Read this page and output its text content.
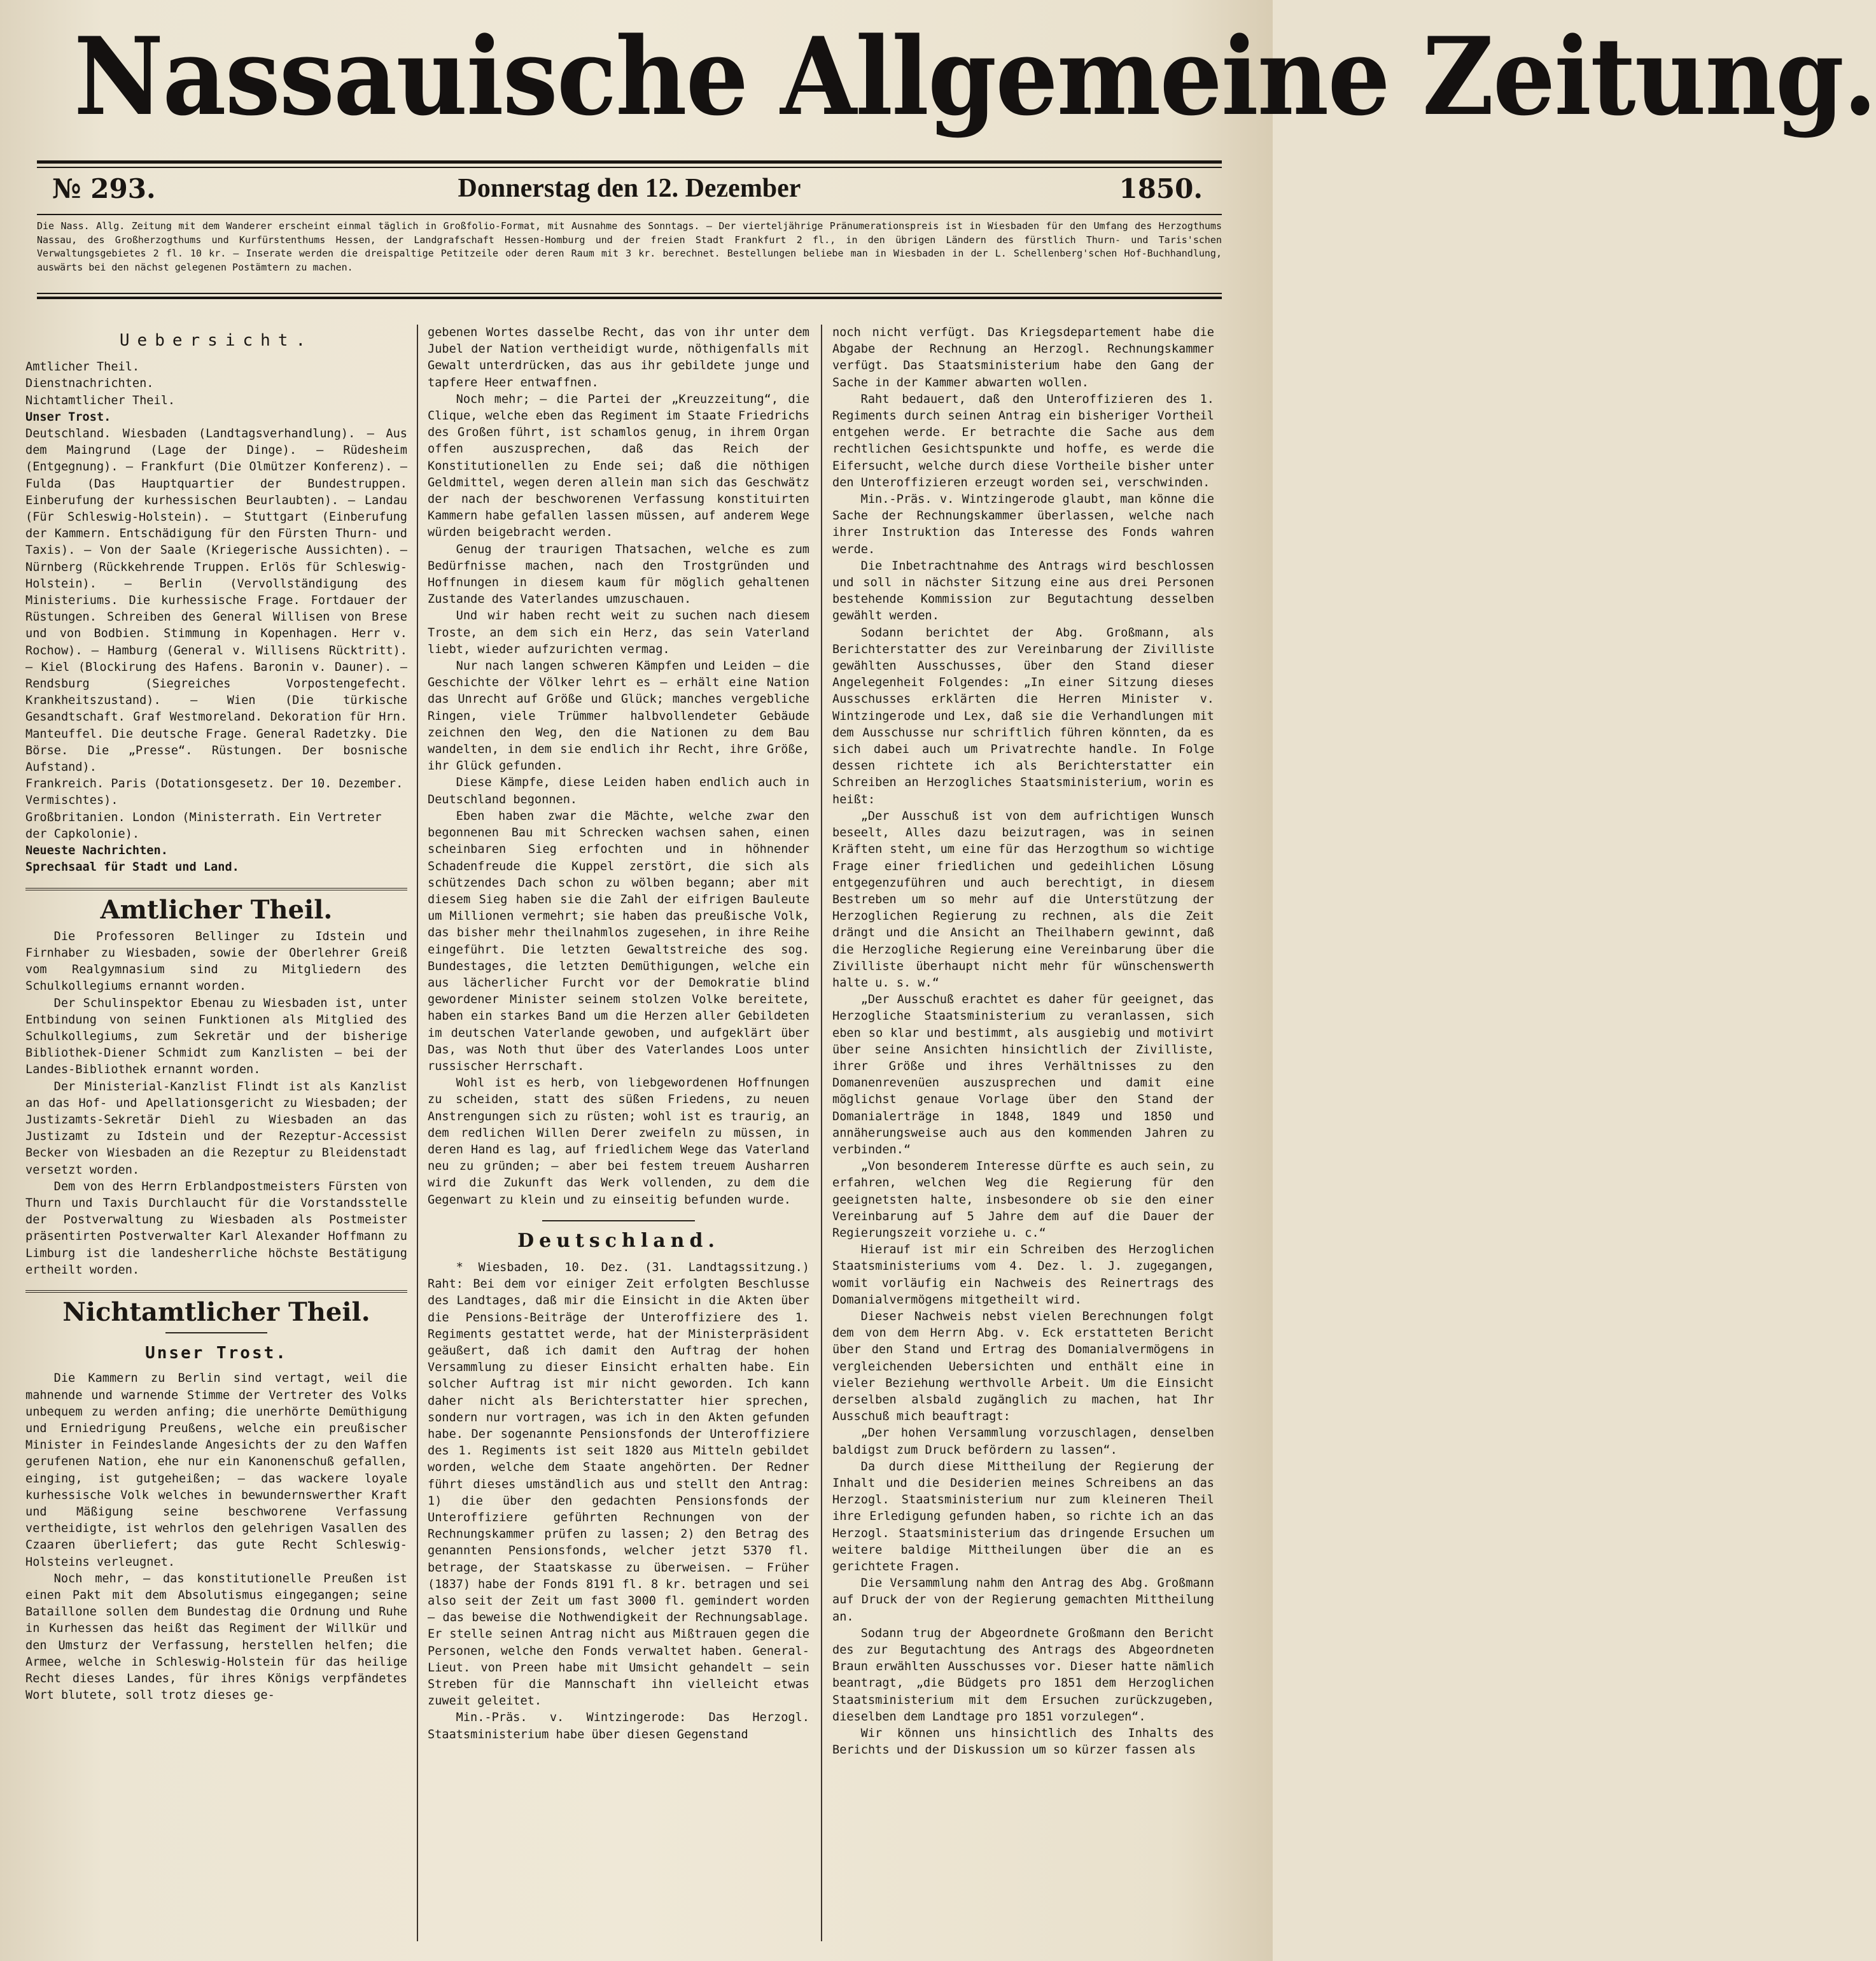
Nassauische Allgemeine Zeitung.
№ 293.	Donnerstag den 12. Dezember	1850.
Die Nass. Allg. Zeitung mit dem Wanderer erscheint einmal täglich in Großfolio-Format, mit Ausnahme des Sonntags. — Der vierteljährige Pränumerationspreis ist in Wiesbaden für den Umfang des Herzogthums Nassau, des Großherzogthums und Kurfürstenthums Hessen, der Landgrafschaft Hessen-Homburg und der freien Stadt Frankfurt 2 fl., in den übrigen Ländern des fürstlich Thurn- und Taris'schen Verwaltungsgebietes 2 fl. 10 kr. — Inserate werden die dreispaltige Petitzeile oder deren Raum mit 3 kr. berechnet. Bestellungen beliebe man in Wiesbaden in der L. Schellenberg'schen Hof-Buchhandlung, auswärts bei den nächst gelegenen Postämtern zu machen.
Uebersicht.

Amtlicher Theil.

Dienstnachrichten.

Nichtamtlicher Theil.

Unser Trost.

Deutschland. Wiesbaden (Landtagsverhandlung). — Aus dem Maingrund (Lage der Dinge). — Rüdesheim (Entgegnung). — Frankfurt (Die Olmützer Konferenz). — Fulda (Das Hauptquartier der Bundestruppen. Einberufung der kurhessischen Beurlaubten). — Landau (Für Schleswig-Holstein). — Stuttgart (Einberufung der Kammern. Entschädigung für den Fürsten Thurn- und Taxis). — Von der Saale (Kriegerische Aussichten). — Nürnberg (Rückkehrende Truppen. Erlös für Schleswig-Holstein). — Berlin (Vervollständigung des Ministeriums. Die kurhessische Frage. Fortdauer der Rüstungen. Schreiben des General Willisen von Brese und von Bodbien. Stimmung in Kopenhagen. Herr v. Rochow). — Hamburg (General v. Willisens Rücktritt). — Kiel (Blockirung des Hafens. Baronin v. Dauner). — Rendsburg (Siegreiches Vorpostengefecht. Krankheitszustand). — Wien (Die türkische Gesandtschaft. Graf Westmoreland. Dekoration für Hrn. Manteuffel. Die deutsche Frage. General Radetzky. Die Börse. Die „Presse“. Rüstungen. Der bosnische Aufstand).

Frankreich. Paris (Dotationsgesetz. Der 10. Dezember. Vermischtes).

Großbritanien. London (Ministerrath. Ein Vertreter der Capkolonie).

Neueste Nachrichten.

Sprechsaal für Stadt und Land.

Amtlicher Theil.

Die Professoren Bellinger zu Idstein und Firnhaber zu Wiesbaden, sowie der Oberlehrer Greiß vom Realgymnasium sind zu Mitgliedern des Schulkollegiums ernannt worden.

Der Schulinspektor Ebenau zu Wiesbaden ist, unter Entbindung von seinen Funktionen als Mitglied des Schulkollegiums, zum Sekretär und der bisherige Bibliothek-Diener Schmidt zum Kanzlisten — bei der Landes-Bibliothek ernannt worden.

Der Ministerial-Kanzlist Flindt ist als Kanzlist an das Hof- und Apellationsgericht zu Wiesbaden; der Justizamts-Sekretär Diehl zu Wiesbaden an das Justizamt zu Idstein und der Rezeptur-Accessist Becker von Wiesbaden an die Rezeptur zu Bleidenstadt versetzt worden.

Dem von des Herrn Erblandpostmeisters Fürsten von Thurn und Taxis Durchlaucht für die Vorstandsstelle der Postverwaltung zu Wiesbaden als Postmeister präsentirten Postverwalter Karl Alexander Hoffmann zu Limburg ist die landesherrliche höchste Bestätigung ertheilt worden.

Nichtamtlicher Theil.
Unser Trost.

Die Kammern zu Berlin sind vertagt, weil die mahnende und warnende Stimme der Vertreter des Volks unbequem zu werden anfing; die unerhörte Demüthigung und Erniedrigung Preußens, welche ein preußischer Minister in Feindeslande Angesichts der zu den Waffen gerufenen Nation, ehe nur ein Kanonenschuß gefallen, einging, ist gutgeheißen; — das wackere loyale kurhessische Volk welches in bewundernswerther Kraft und Mäßigung seine beschworene Verfassung vertheidigte, ist wehrlos den gelehrigen Vasallen des Czaaren überliefert; das gute Recht Schleswig-Holsteins verleugnet.

Noch mehr, — das konstitutionelle Preußen ist einen Pakt mit dem Absolutismus eingegangen; seine Bataillone sollen dem Bundestag die Ordnung und Ruhe in Kurhessen das heißt das Regiment der Willkür und den Umsturz der Verfassung, herstellen helfen; die Armee, welche in Schleswig-Holstein für das heilige Recht dieses Landes, für ihres Königs verpfändetes Wort blutete, soll trotz dieses ge-

gebenen Wortes dasselbe Recht, das von ihr unter dem Jubel der Nation vertheidigt wurde, nöthigenfalls mit Gewalt unterdrücken, das aus ihr gebildete junge und tapfere Heer entwaffnen.

Noch mehr; — die Partei der „Kreuzzeitung“, die Clique, welche eben das Regiment im Staate Friedrichs des Großen führt, ist schamlos genug, in ihrem Organ offen auszusprechen, daß das Reich der Konstitutionellen zu Ende sei; daß die nöthigen Geldmittel, wegen deren allein man sich das Geschwätz der nach der beschworenen Verfassung konstituirten Kammern habe gefallen lassen müssen, auf anderem Wege würden beigebracht werden.

Genug der traurigen Thatsachen, welche es zum Bedürfnisse machen, nach den Trostgründen und Hoffnungen in diesem kaum für möglich gehaltenen Zustande des Vaterlandes umzuschauen.

Und wir haben recht weit zu suchen nach diesem Troste, an dem sich ein Herz, das sein Vaterland liebt, wieder aufzurichten vermag.

Nur nach langen schweren Kämpfen und Leiden — die Geschichte der Völker lehrt es — erhält eine Nation das Unrecht auf Größe und Glück; manches vergebliche Ringen, viele Trümmer halbvollendeter Gebäude zeichnen den Weg, den die Nationen zu dem Bau wandelten, in dem sie endlich ihr Recht, ihre Größe, ihr Glück gefunden.

Diese Kämpfe, diese Leiden haben endlich auch in Deutschland begonnen.

Eben haben zwar die Mächte, welche zwar den begonnenen Bau mit Schrecken wachsen sahen, einen scheinbaren Sieg erfochten und in höhnender Schadenfreude die Kuppel zerstört, die sich als schützendes Dach schon zu wölben begann; aber mit diesem Sieg haben sie die Zahl der eifrigen Bauleute um Millionen vermehrt; sie haben das preußische Volk, das bisher mehr theilnahmlos zugesehen, in ihre Reihe eingeführt. Die letzten Gewaltstreiche des sog. Bundestages, die letzten Demüthigungen, welche ein aus lächerlicher Furcht vor der Demokratie blind gewordener Minister seinem stolzen Volke bereitete, haben ein starkes Band um die Herzen aller Gebildeten im deutschen Vaterlande gewoben, und aufgeklärt über Das, was Noth thut über des Vaterlandes Loos unter russischer Herrschaft.

Wohl ist es herb, von liebgewordenen Hoffnungen zu scheiden, statt des süßen Friedens, zu neuen Anstrengungen sich zu rüsten; wohl ist es traurig, an dem redlichen Willen Derer zweifeln zu müssen, in deren Hand es lag, auf friedlichem Wege das Vaterland neu zu gründen; — aber bei festem treuem Ausharren wird die Zukunft das Werk vollenden, zu dem die Gegenwart zu klein und zu einseitig befunden wurde.

Deutschland.

* Wiesbaden, 10. Dez. (31. Landtagssitzung.) Raht: Bei dem vor einiger Zeit erfolgten Beschlusse des Landtages, daß mir die Einsicht in die Akten über die Pensions-Beiträge der Unteroffiziere des 1. Regiments gestattet werde, hat der Ministerpräsident geäußert, daß ich damit den Auftrag der hohen Versammlung zu dieser Einsicht erhalten habe. Ein solcher Auftrag ist mir nicht geworden. Ich kann daher nicht als Berichterstatter hier sprechen, sondern nur vortragen, was ich in den Akten gefunden habe. Der sogenannte Pensionsfonds der Unteroffiziere des 1. Regiments ist seit 1820 aus Mitteln gebildet worden, welche dem Staate angehörten. Der Redner führt dieses umständlich aus und stellt den Antrag: 1) die über den gedachten Pensionsfonds der Unteroffiziere geführten Rechnungen von der Rechnungskammer prüfen zu lassen; 2) den Betrag des genannten Pensionsfonds, welcher jetzt 5370 fl. betrage, der Staatskasse zu überweisen. — Früher (1837) habe der Fonds 8191 fl. 8 kr. betragen und sei also seit der Zeit um fast 3000 fl. gemindert worden — das beweise die Nothwendigkeit der Rechnungsablage. Er stelle seinen Antrag nicht aus Mißtrauen gegen die Personen, welche den Fonds verwaltet haben. General-Lieut. von Preen habe mit Umsicht gehandelt — sein Streben für die Mannschaft ihn vielleicht etwas zuweit geleitet.

Min.-Präs. v. Wintzingerode: Das Herzogl. Staatsministerium habe über diesen Gegenstand

noch nicht verfügt. Das Kriegsdepartement habe die Abgabe der Rechnung an Herzogl. Rechnungskammer verfügt. Das Staatsministerium habe den Gang der Sache in der Kammer abwarten wollen.

Raht bedauert, daß den Unteroffizieren des 1. Regiments durch seinen Antrag ein bisheriger Vortheil entgehen werde. Er betrachte die Sache aus dem rechtlichen Gesichtspunkte und hoffe, es werde die Eifersucht, welche durch diese Vortheile bisher unter den Unteroffizieren erzeugt worden sei, verschwinden.

Min.-Präs. v. Wintzingerode glaubt, man könne die Sache der Rechnungskammer überlassen, welche nach ihrer Instruktion das Interesse des Fonds wahren werde.

Die Inbetrachtnahme des Antrags wird beschlossen und soll in nächster Sitzung eine aus drei Personen bestehende Kommission zur Begutachtung desselben gewählt werden.

Sodann berichtet der Abg. Großmann, als Berichterstatter des zur Vereinbarung der Zivilliste gewählten Ausschusses, über den Stand dieser Angelegenheit Folgendes: „In einer Sitzung dieses Ausschusses erklärten die Herren Minister v. Wintzingerode und Lex, daß sie die Verhandlungen mit dem Ausschusse nur schriftlich führen könnten, da es sich dabei auch um Privatrechte handle. In Folge dessen richtete ich als Berichterstatter ein Schreiben an Herzogliches Staatsministerium, worin es heißt:

„Der Ausschuß ist von dem aufrichtigen Wunsch beseelt, Alles dazu beizutragen, was in seinen Kräften steht, um eine für das Herzogthum so wichtige Frage einer friedlichen und gedeihlichen Lösung entgegenzuführen und auch berechtigt, in diesem Bestreben um so mehr auf die Unterstützung der Herzoglichen Regierung zu rechnen, als die Zeit drängt und die Ansicht an Theilhabern gewinnt, daß die Herzogliche Regierung eine Vereinbarung über die Zivilliste überhaupt nicht mehr für wünschenswerth halte u. s. w.“

„Der Ausschuß erachtet es daher für geeignet, das Herzogliche Staatsministerium zu veranlassen, sich eben so klar und bestimmt, als ausgiebig und motivirt über seine Ansichten hinsichtlich der Zivilliste, ihrer Größe und ihres Verhältnisses zu den Domanenrevenüen auszusprechen und damit eine möglichst genaue Vorlage über den Stand der Domanialerträge in 1848, 1849 und 1850 und annäherungsweise auch aus den kommenden Jahren zu verbinden.“

„Von besonderem Interesse dürfte es auch sein, zu erfahren, welchen Weg die Regierung für den geeignetsten halte, insbesondere ob sie den einer Vereinbarung auf 5 Jahre dem auf die Dauer der Regierungszeit vorziehe u. c.“

Hierauf ist mir ein Schreiben des Herzoglichen Staatsministeriums vom 4. Dez. l. J. zugegangen, womit vorläufig ein Nachweis des Reinertrags des Domanialvermögens mitgetheilt wird.

Dieser Nachweis nebst vielen Berechnungen folgt dem von dem Herrn Abg. v. Eck erstatteten Bericht über den Stand und Ertrag des Domanialvermögens in vergleichenden Uebersichten und enthält eine in vieler Beziehung werthvolle Arbeit. Um die Einsicht derselben alsbald zugänglich zu machen, hat Ihr Ausschuß mich beauftragt:

„Der hohen Versammlung vorzuschlagen, denselben baldigst zum Druck befördern zu lassen“.

Da durch diese Mittheilung der Regierung der Inhalt und die Desiderien meines Schreibens an das Herzogl. Staatsministerium nur zum kleineren Theil ihre Erledigung gefunden haben, so richte ich an das Herzogl. Staatsministerium das dringende Ersuchen um weitere baldige Mittheilungen über die an es gerichtete Fragen.

Die Versammlung nahm den Antrag des Abg. Großmann auf Druck der von der Regierung gemachten Mittheilung an.

Sodann trug der Abgeordnete Großmann den Bericht des zur Begutachtung des Antrags des Abgeordneten Braun erwählten Ausschusses vor. Dieser hatte nämlich beantragt, „die Büdgets pro 1851 dem Herzoglichen Staatsministerium mit dem Ersuchen zurückzugeben, dieselben dem Landtage pro 1851 vorzulegen“.

Wir können uns hinsichtlich des Inhalts des Berichts und der Diskussion um so kürzer fassen als
